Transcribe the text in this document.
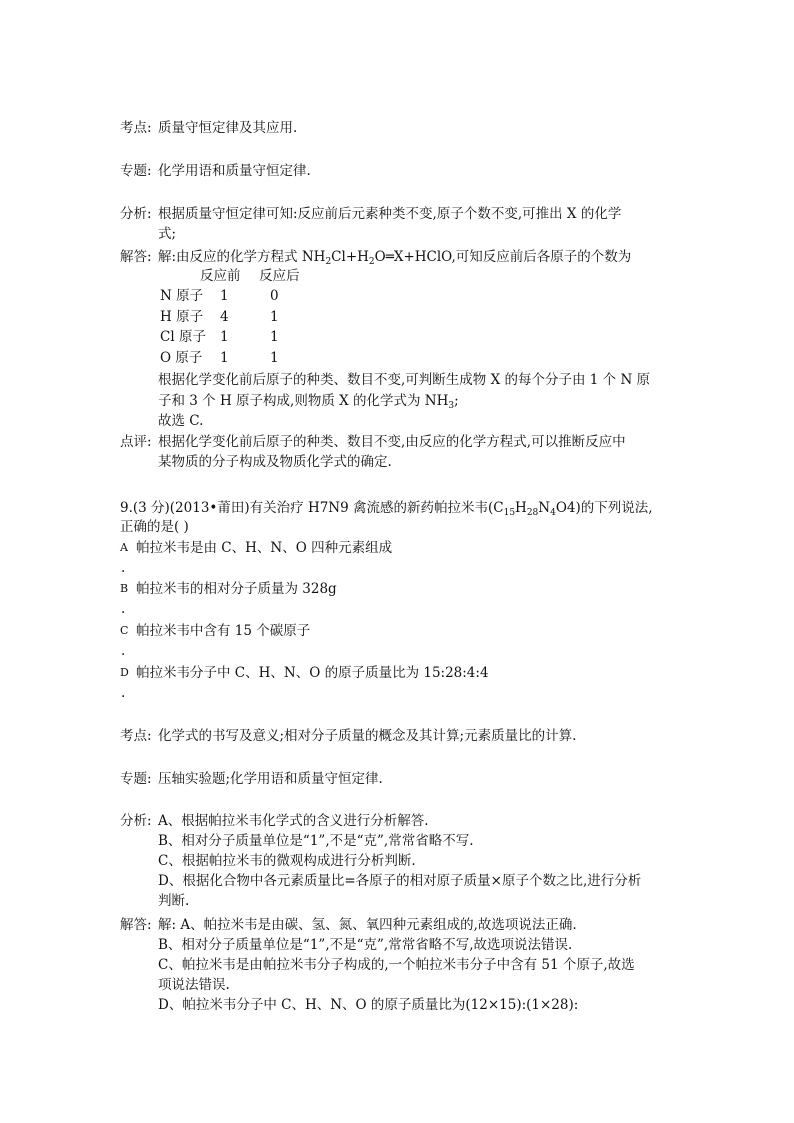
考点: 质量守恒定律及其应用.
专题: 化学用语和质量守恒定律.
分析: 根据质量守恒定律可知:反应前后元素种类不变,原子个数不变,可推出 X 的化学
式;
解答: 解:由反应的化学方程式 $NH_2Cl+H_2O═X+HClO$,可知反应前后各原子的个数为
反应前 反应后
N 原子	1	0
H 原子	4	1
Cl 原子	1	1
O 原子	1	1
根据化学变化前后原子的种类、数目不变,可判断生成物 X 的每个分子由 1 个 N 原
子和 3 个 H 原子构成,则物质 X 的化学式为 $NH_3$;
故选 C.
点评: 根据化学变化前后原子的种类、数目不变,由反应的化学方程式,可以推断反应中
某物质的分子构成及物质化学式的确定.
9.(3 分)(2013•莆田)有关治疗 H7N9 禽流感的新药帕拉米韦$(C_{15}H_{28}N_4O4)$的下列说法,
正确的是( )
A 帕拉米韦是由 C、H、N、O 四种元素组成
.
B 帕拉米韦的相对分子质量为 328g
.
C 帕拉米韦中含有 15 个碳原子
.
D 帕拉米韦分子中 C、H、N、O 的原子质量比为 15:28:4:4
.
考点: 化学式的书写及意义;相对分子质量的概念及其计算;元素质量比的计算.
专题: 压轴实验题;化学用语和质量守恒定律.
分析: A、根据帕拉米韦化学式的含义进行分析解答.
B、相对分子质量单位是“1”,不是“克”,常常省略不写.
C、根据帕拉米韦的微观构成进行分析判断.
D、根据化合物中各元素质量比=各原子的相对原子质量×原子个数之比,进行分析
判断.
解答: 解: A、帕拉米韦是由碳、氢、氮、氧四种元素组成的,故选项说法正确.
B、相对分子质量单位是“1”,不是“克”,常常省略不写,故选项说法错误.
C、帕拉米韦是由帕拉米韦分子构成的,一个帕拉米韦分子中含有 51 个原子,故选
项说法错误.
D、帕拉米韦分子中 C、H、N、O 的原子质量比为(12×15):(1×28):
